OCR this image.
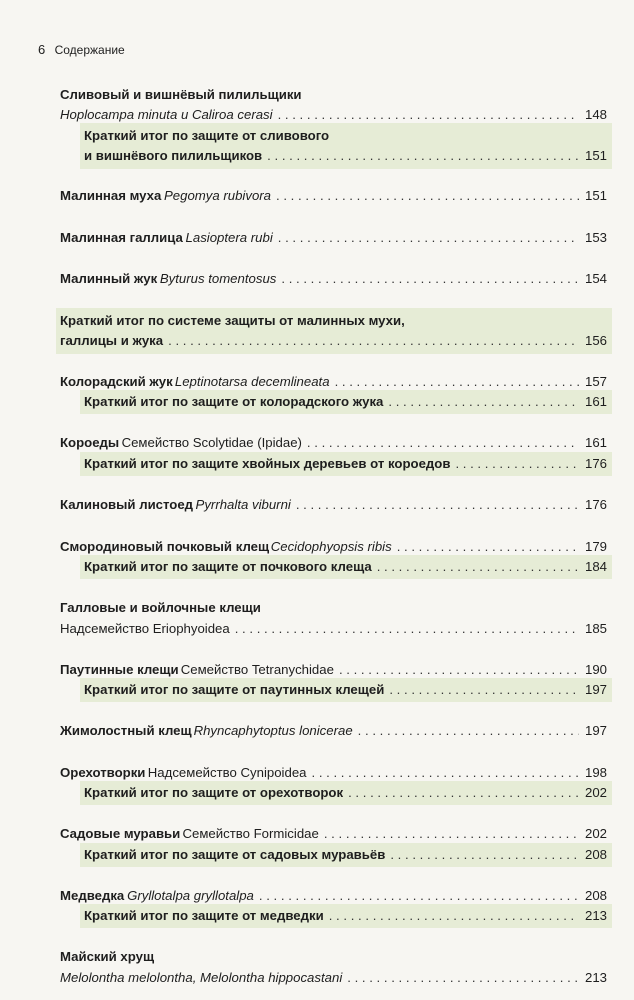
6 Содержание
Сливовый и вишнёвый пилильщики
Hoplocampa minuta и Caliroa cerasi . . .	148
Краткий итог по защите от сливового
и вишнёвого пилильщиков . . .	151
Малинная муха Pegomya rubivora . . .	151
Малинная галлица Lasioptera rubi . . .	153
Малинный жук Byturus tomentosus . . .	154
Краткий итог по системе защиты от малинных мухи,
галлицы и жука . . .	156
Колорадский жук Leptinotarsa decemlineata . . .	157
Краткий итог по защите от колорадского жука . . .	161
Короеды Семейство Scolytidae (Ipidae) . . .	161
Краткий итог по защите хвойных деревьев от короедов . . .	176
Калиновый листоед Pyrrhalta viburni . . .	176
Смородиновый почковый клещ Cecidophyopsis ribis . . .	179
Краткий итог по защите от почкового клеща . . .	184
Галловые и войлочные клещи
Надсемейство Eriophyoidea . . .	185
Паутинные клещи Семейство Tetranychidae . . .	190
Краткий итог по защите от паутинных клещей . . .	197
Жимолостный клещ Rhyncaphytoptus lonicerae . . .	197
Орехотворки Надсемейство Cynipoidea . . .	198
Краткий итог по защите от орехотворок . . .	202
Садовые муравьи Семейство Formicidae . . .	202
Краткий итог по защите от садовых муравьёв . . .	208
Медведка Gryllotalpa gryllotalpa . . .	208
Краткий итог по защите от медведки . . .	213
Майский хрущ
Melolontha melolontha, Melolontha hippocastani . . .	213
